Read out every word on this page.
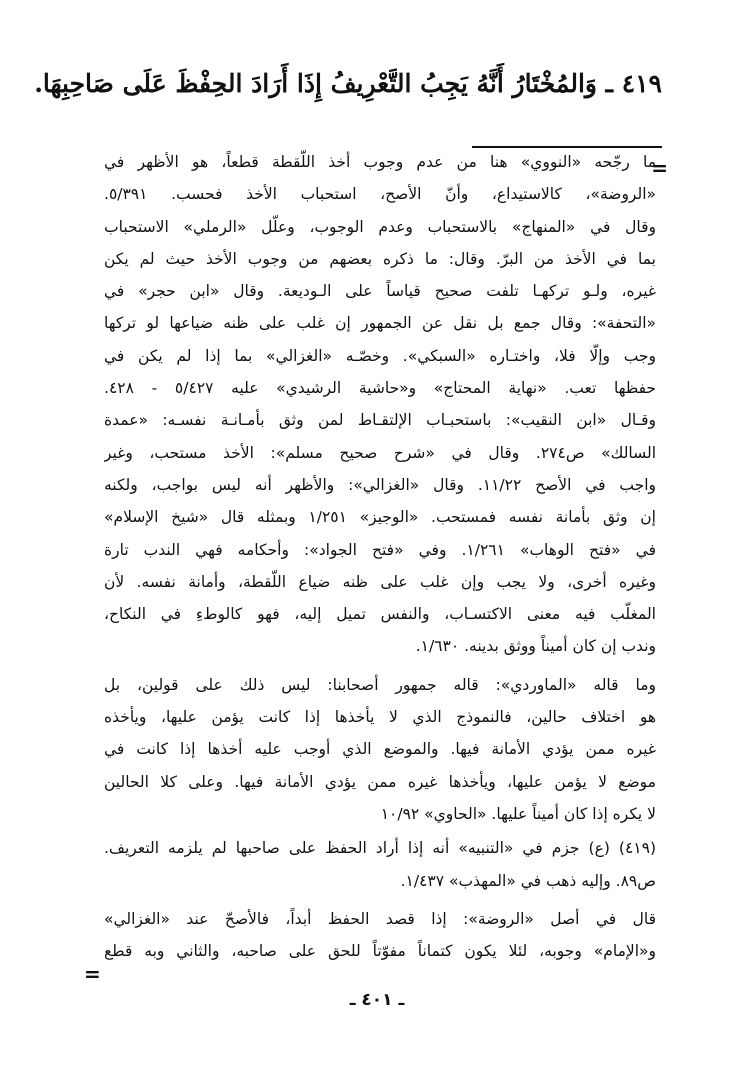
٤١٩ ـ وَالمُخْتَارُ أَنَّهُ يَجِبُ التَّعْرِيفُ إِذَا أَرَادَ الحِفْظَ عَلَى صَاحِبِهَا.
=
ما رجّحه «النووي» هنا من عدم وجوب أخذ اللّقطة قطعاً، هو الأظهر في
«الروضة»، كالاستيداع، وأنّ الأصح، استحباب الأخذ فحسب. ٥/٣٩١.
وقال في «المنهاج» بالاستحباب وعدم الوجوب، وعلّل «الرملي» الاستحباب
بما في الأخذ من البرّ. وقال: ما ذكره بعضهم من وجوب الأخذ حيث لم يكن
غيره، ولـو تركهـا تلفت صحيح قياساً على الـوديعة. وقال «ابن حجر» في
«التحفة»: وقال جمع بل نقل عن الجمهور إن غلب على ظنه ضياعها لو تركها
وجب وإلّا فلا، واختـاره «السبكي». وخصّـه «الغزالي» بما إذا لم يكن في
حفظها تعب. «نهاية المحتاج» و«حاشية الرشيدي» عليه ٥/٤٢٧ - ٤٢٨.
وقـال «ابن النقيب»: باستحبـاب الإلتقـاط لمن وثق بأمـانـة نفسـه: «عمدة
السالك» ص٢٧٤. وقال في «شرح صحيح مسلم»: الأخذ مستحب، وغير
واجب في الأصح ١١/٢٢. وقال «الغزالي»: والأظهر أنه ليس بواجب، ولكنه
إن وثق بأمانة نفسه فمستحب. «الوجيز» ١/٢٥١ وبمثله قال «شيخ الإسلام»
في «فتح الوهاب» ١/٢٦١. وفي «فتح الجواد»: وأحكامه فهي الندب تارة
وغيره أخرى، ولا يجب وإن غلب على ظنه ضياع اللّقطة، وأمانة نفسه. لأن
المغلّب فيه معنى الاكتسـاب، والنفس تميل إليه، فهو كالوطءِ في النكاح،
وندب إن كان أميناً ووثق بدينه. ١/٦٣٠.
وما قاله «الماوردي»: قاله جمهور أصحابنا: ليس ذلك على قولين، بل
هو اختلاف حالين، فالنموذج الذي لا يأخذها إذا كانت يؤمن عليها، ويأخذه
غيره ممن يؤدي الأمانة فيها. والموضع الذي أوجب عليه أخذها إذا كانت في
موضع لا يؤمن عليها، ويأخذها غيره ممن يؤدي الأمانة فيها. وعلى كلا الحالين
لا يكره إذا كان أميناً عليها. «الحاوي» ١٠/٩٢
(٤١٩) (ع) جزم في «التنبيه» أنه إذا أراد الحفظ على صاحبها لم يلزمه التعريف.
ص٨٩. وإليه ذهب في «المهذب» ١/٤٣٧.
قال في أصل «الروضة»: إذا قصد الحفظ أبداً، فالأصحّ عند «الغزالي»
و«الإمام» وجوبه، لئلا يكون كتماناً مفوّتاً للحق على صاحبه، والثاني وبه قطع
=
ـ ٤٠١ ـ
